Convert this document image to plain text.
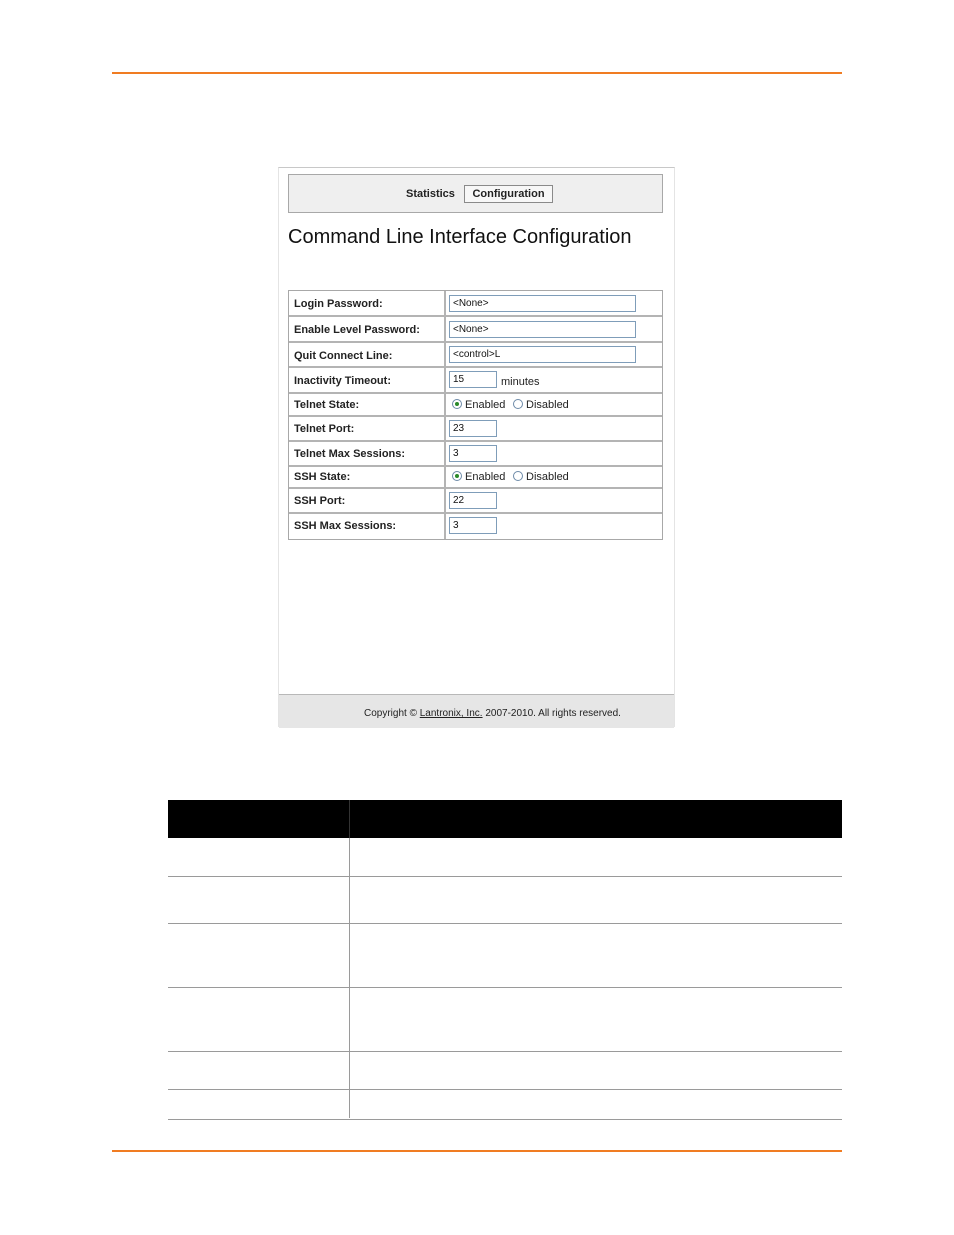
Statistics	Configuration
Command Line Interface Configuration
Login Password:	<None>
Enable Level Password:	<None>
Quit Connect Line:	<control>L
Inactivity Timeout:	15	minutes
Telnet State:	Enabled	Disabled
Telnet Port:	23
Telnet Max Sessions:	3
SSH State:	Enabled	Disabled
SSH Port:	22
SSH Max Sessions:	3
Copyright © Lantronix, Inc. 2007-2010. All rights reserved.
